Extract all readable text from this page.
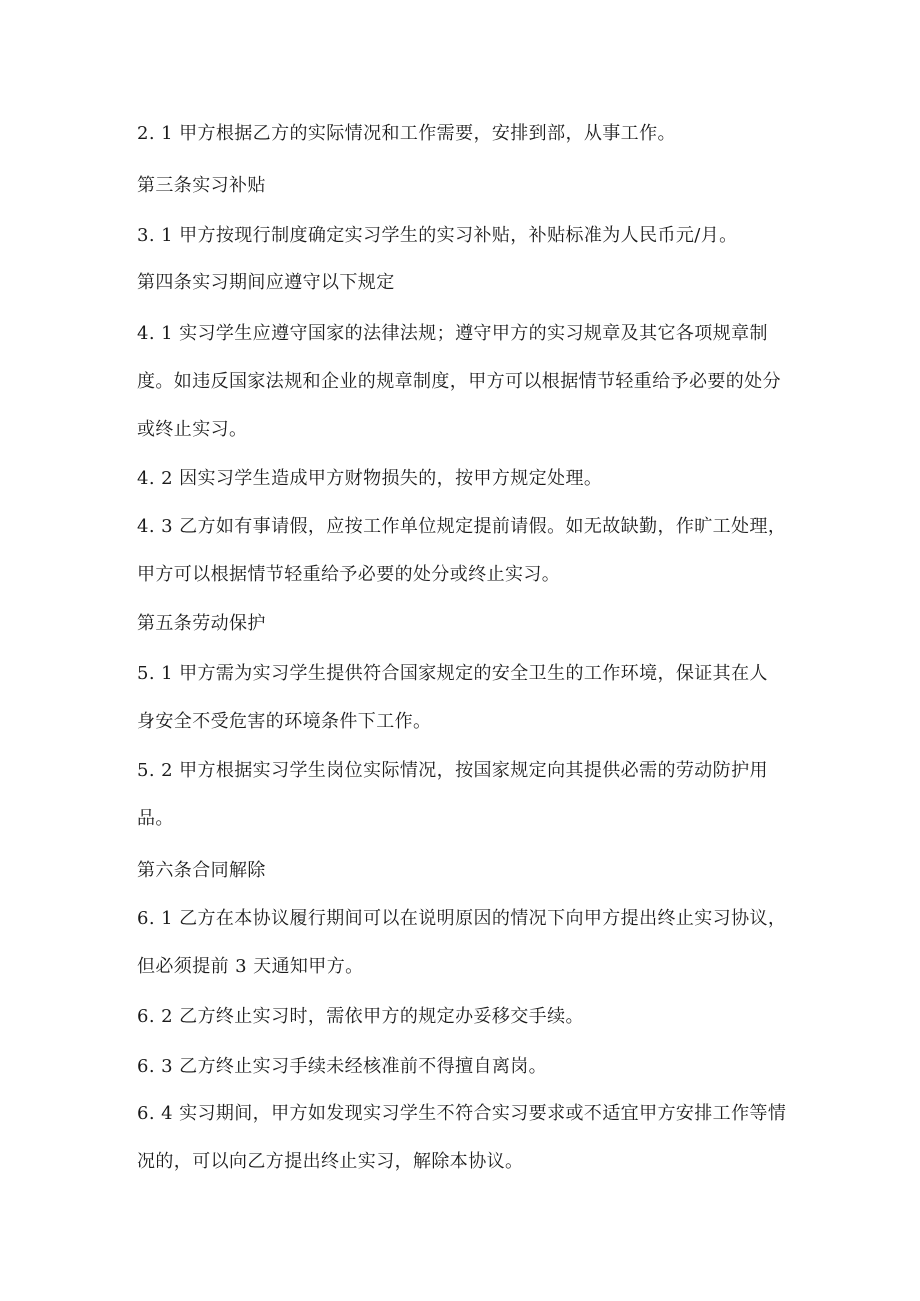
2. 1 甲方根据乙方的实际情况和工作需要，安排到部，从事工作。

第三条实习补贴

3. 1 甲方按现行制度确定实习学生的实习补贴，补贴标准为人民币元/月。

第四条实习期间应遵守以下规定

4. 1 实习学生应遵守国家的法律法规；遵守甲方的实习规章及其它各项规章制
度。如违反国家法规和企业的规章制度，甲方可以根据情节轻重给予必要的处分
或终止实习。

4. 2 因实习学生造成甲方财物损失的，按甲方规定处理。

4. 3 乙方如有事请假，应按工作单位规定提前请假。如无故缺勤，作旷工处理，
甲方可以根据情节轻重给予必要的处分或终止实习。

第五条劳动保护

5. 1 甲方需为实习学生提供符合国家规定的安全卫生的工作环境，保证其在人
身安全不受危害的环境条件下工作。

5. 2 甲方根据实习学生岗位实际情况，按国家规定向其提供必需的劳动防护用
品。

第六条合同解除

6. 1 乙方在本协议履行期间可以在说明原因的情况下向甲方提出终止实习协议，
但必须提前 3 天通知甲方。

6. 2 乙方终止实习时，需依甲方的规定办妥移交手续。

6. 3 乙方终止实习手续未经核准前不得擅自离岗。

6. 4 实习期间，甲方如发现实习学生不符合实习要求或不适宜甲方安排工作等情
况的，可以向乙方提出终止实习，解除本协议。
